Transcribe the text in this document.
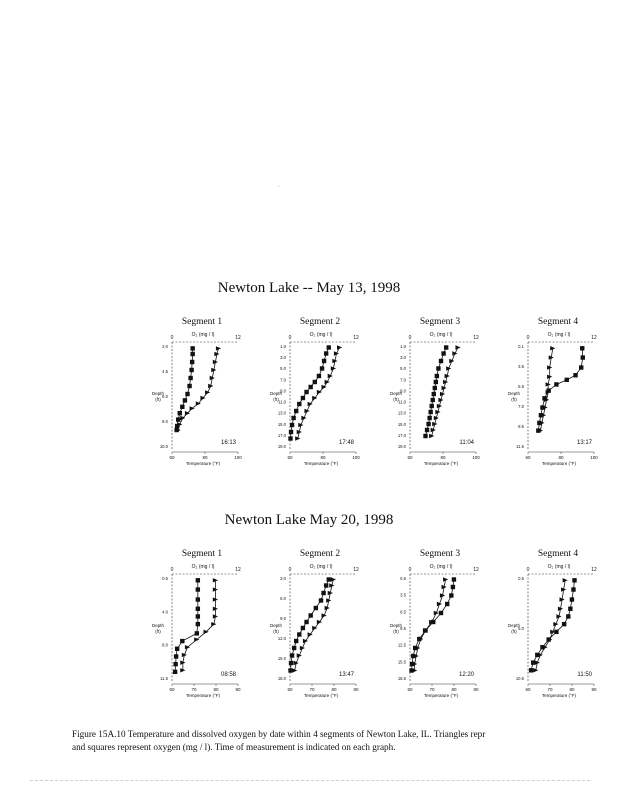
Newton Lake -- May 13, 1998
Newton Lake May 20, 1998
·
Segment 1
O₂ (mg / l)
0	12
2.0
4.5
6.0
8.0
10.0
Depth
(ft)
60	80	100
Temperature (°F)
16:13
Segment 2
O₂ (mg / l)
0	12
1.0
3.0
5.0
7.0
9.0
11.0
13.0
15.0
17.0
19.0
Depth
(ft)
60	80	100
Temperature (°F)
17:48
Segment 3
O₂ (mg / l)
0	12
1.0
3.0
5.0
7.0
9.0
11.0
13.0
15.0
17.0
19.0
Depth
(ft)
60	80	100
Temperature (°F)
11:04
Segment 4
O₂ (mg / l)
0	12
0.1
3.5
5.5
7.0
9.5
11.5
Depth
(ft)
60	80	100
Temperature (°F)
13:17
Segment 1
O₂ (mg / l)
0	12
0.5
4.0
8.0
11.5
Depth
(ft)
60	70	80	90
Temperature (°F)
08:58
Segment 2
O₂ (mg / l)
0	12
3.0
6.0
9.0
12.0
15.0
18.0
Depth
(ft)
60	70	80	90
Temperature (°F)
13:47
Segment 3
O₂ (mg / l)
0	12
0.5
3.5
6.5
9.5
12.5
15.5
18.5
Depth
(ft)
60	70	80	90
Temperature (°F)
12:20
Segment 4
O₂ (mg / l)
0	12
0.5
5.0
10.5
Depth
(ft)
60	70	80	90
Temperature (°F)
11:50
Figure 15A.10 Temperature and dissolved oxygen by date within 4 segments of Newton Lake, IL. Triangles repr
and squares represent oxygen (mg / l). Time of measurement is indicated on each graph.
